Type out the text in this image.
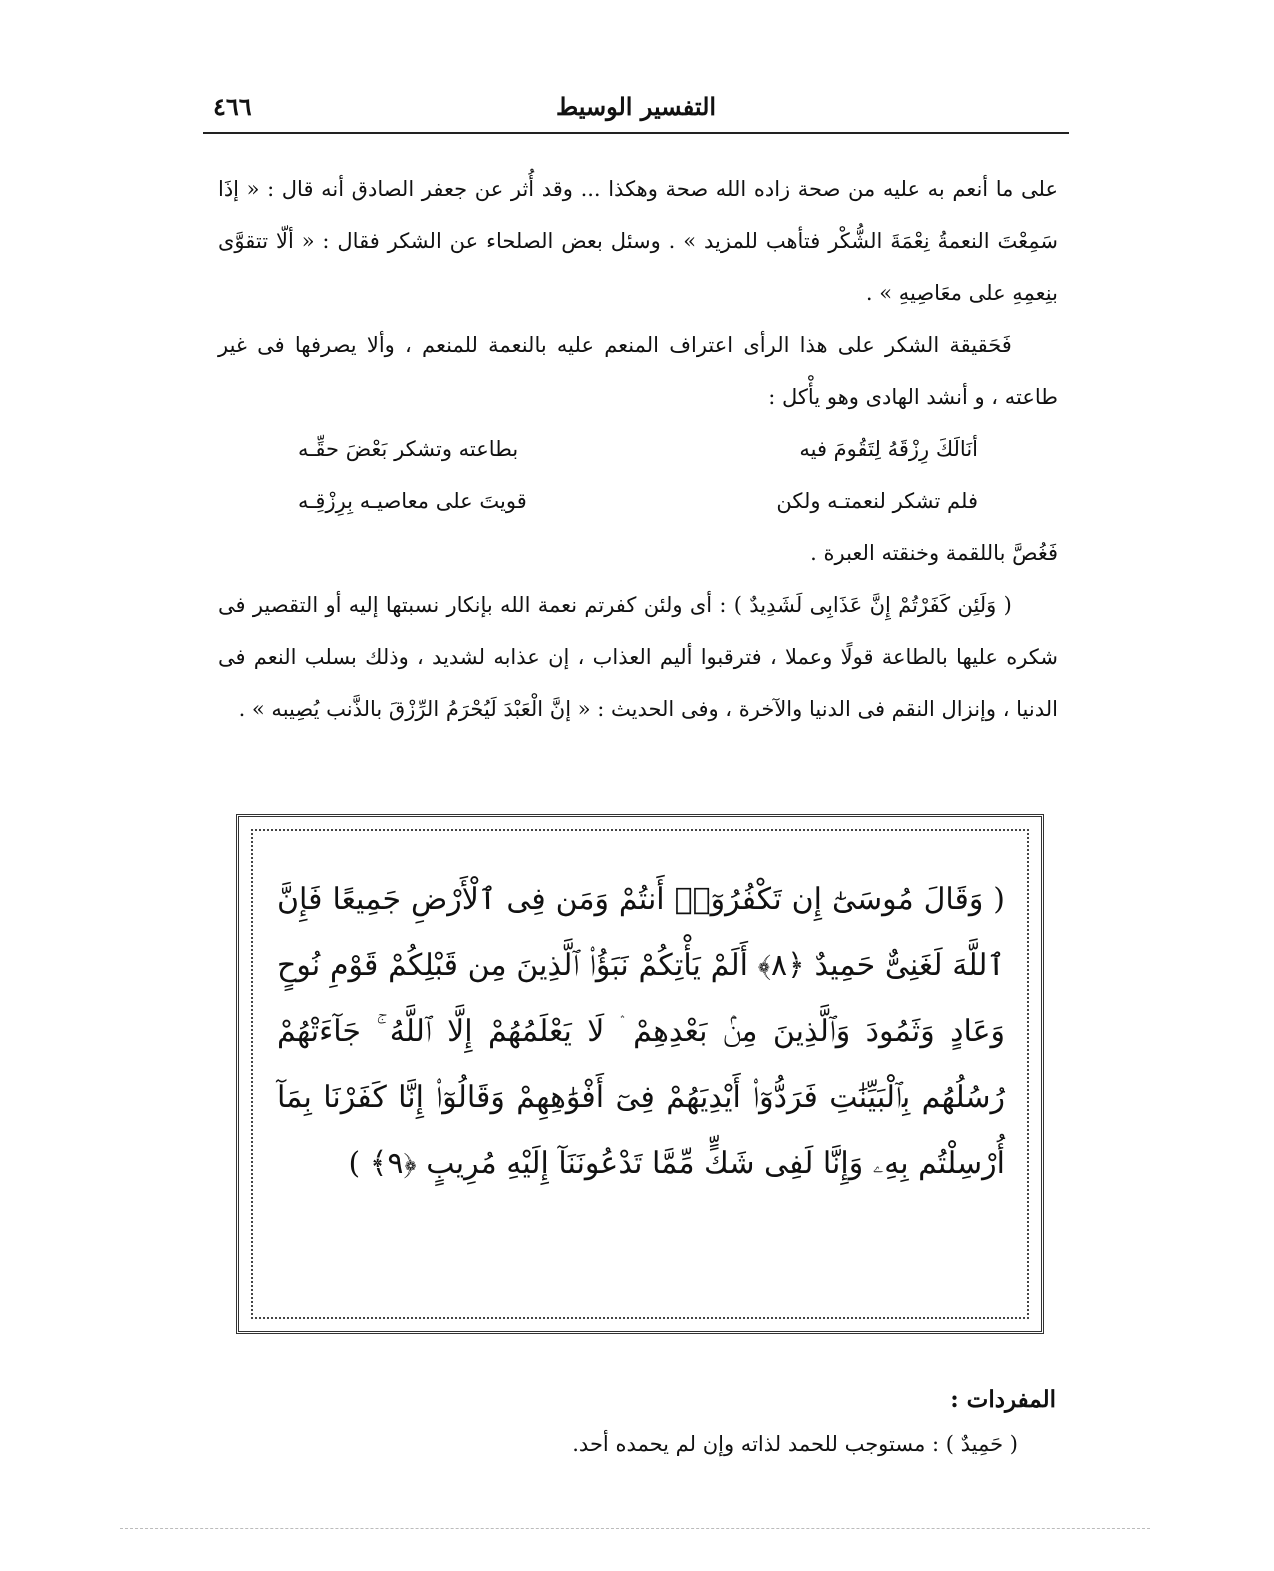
التفسير الوسيط
٤٦٦

على ما أنعم به عليه من صحة زاده الله صحة وهكذا ... وقد أُثر عن جعفر الصادق أنه قال : « إذَا سَمِعْتَ النعمةُ نِعْمَةَ الشُّكْر فتأهب للمزيد » . وسئل بعض الصلحاء عن الشكر فقال : « ألّا تتقوَّى بنِعمِهِ على معَاصِيهِ » .

فَحَقيقة الشكر على هذا الرأى اعتراف المنعم عليه بالنعمة للمنعم ، وألا يصرفها فى غير طاعته ، و أنشد الهادى وهو يأْكل :

أنَالَكَ رِزْقَهُ لِتَقُومَ فيه
بطاعته وتشكر بَعْضَ حقِّـه
فلم تشكر لنعمتـه ولكن
قويتَ على معاصيـه بِرِزْقِـه

فَغُصَّ باللقمة وخنقته العبرة .

( وَلَئِن كَفَرْتُمْ إِنَّ عَذَابِى لَشَدِيدٌ ) : أى ولئن كفرتم نعمة الله بإنكار نسبتها إليه أو التقصير فى شكره عليها بالطاعة قولًا وعملا ، فترقبوا أليم العذاب ، إن عذابه لشديد ، وذلك بسلب النعم فى الدنيا ، وإنزال النقم فى الدنيا والآخرة ، وفى الحديث : « إنَّ الْعَبْدَ لَيُحْرَمُ الرِّزْقَ بالذَّنب يُصِيبه » .

( وَقَالَ مُوسَىٰٓ إِن تَكْفُرُوٓا۟ أَنتُمْ وَمَن فِى ٱلْأَرْضِ جَمِيعًا فَإِنَّ ٱللَّهَ لَغَنِىٌّ حَمِيدٌ ﴿٨﴾ أَلَمْ يَأْتِكُمْ نَبَؤُا۟ ٱلَّذِينَ مِن قَبْلِكُمْ قَوْمِ نُوحٍ وَعَادٍ وَثَمُودَ وَٱلَّذِينَ مِنۢ بَعْدِهِمْ ۛ لَا يَعْلَمُهُمْ إِلَّا ٱللَّهُ ۚ جَآءَتْهُمْ رُسُلُهُم بِٱلْبَيِّنَٰتِ فَرَدُّوٓا۟ أَيْدِيَهُمْ فِىٓ أَفْوَٰهِهِمْ وَقَالُوٓا۟ إِنَّا كَفَرْنَا بِمَآ أُرْسِلْتُم بِهِۦ وَإِنَّا لَفِى شَكٍّ مِّمَّا تَدْعُونَنَآ إِلَيْهِ مُرِيبٍ ﴿٩﴾ )
المفردات :
( حَمِيدٌ ) : مستوجب للحمد لذاته وإن لم يحمده أحد.
